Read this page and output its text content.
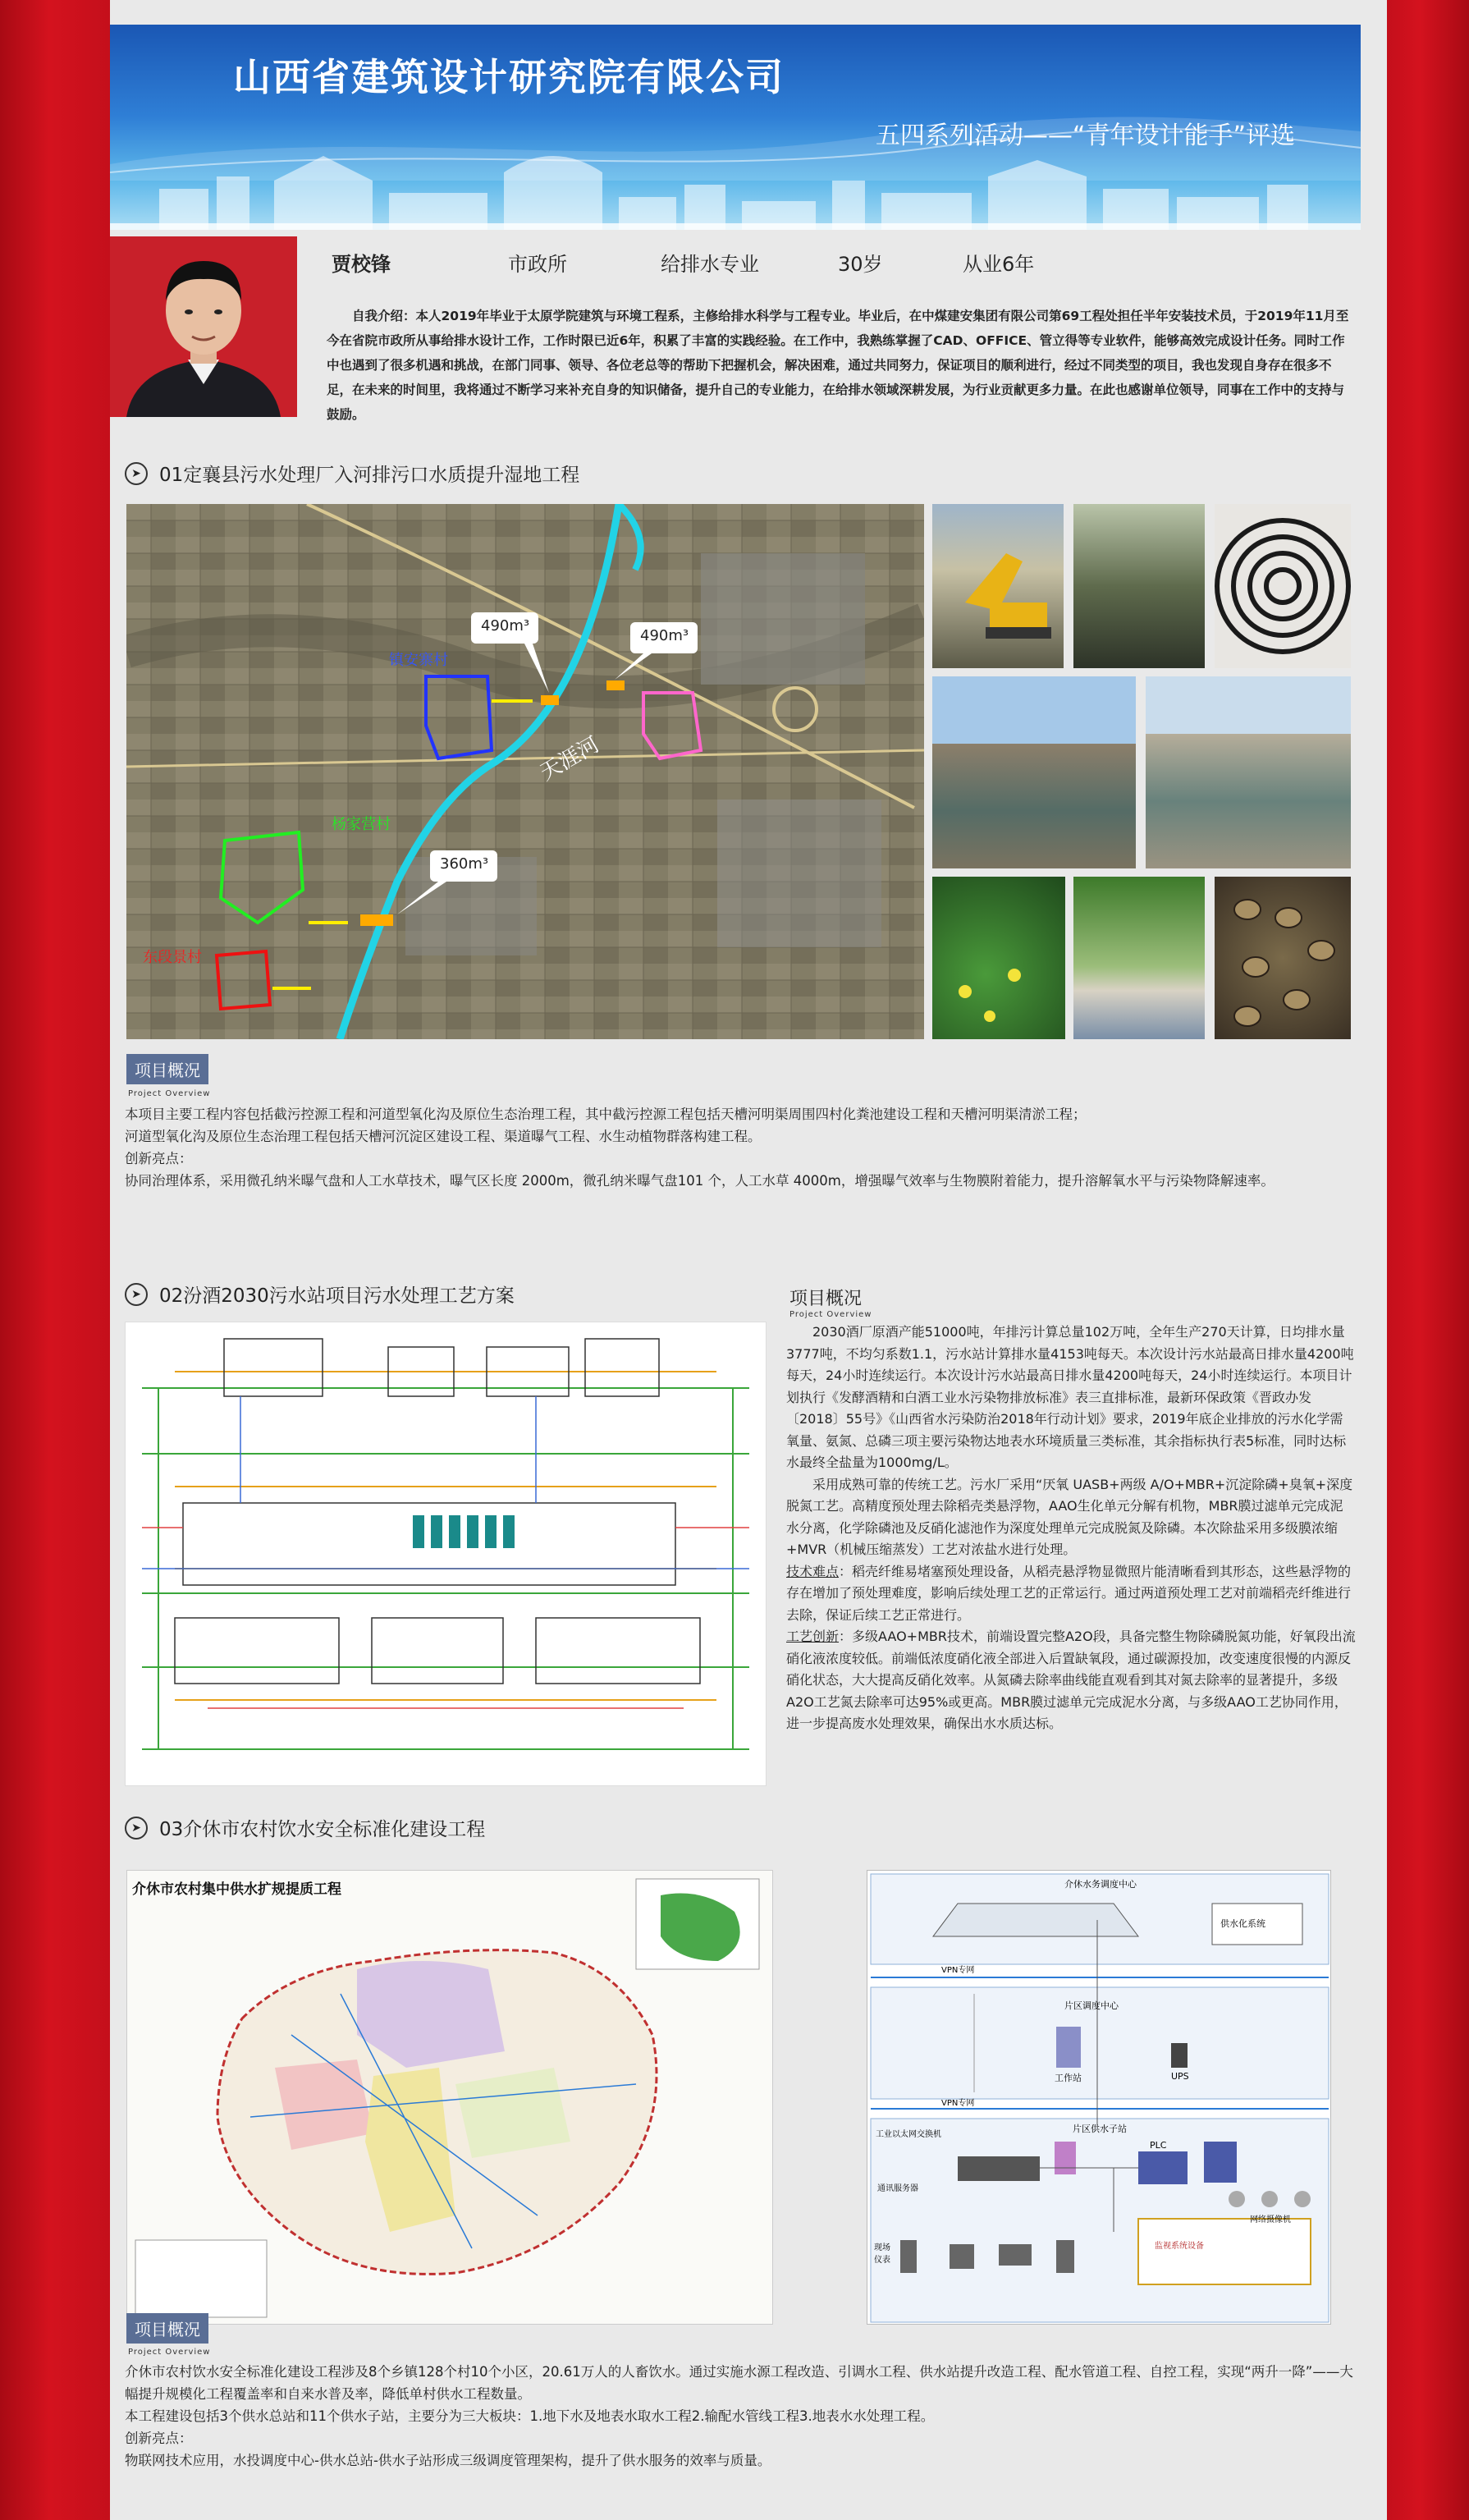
山西省建筑设计研究院有限公司
五四系列活动——“青年设计能手”评选
贾校锋	市政所	给排水专业	30岁	从业6年
自我介绍：本人2019年毕业于太原学院建筑与环境工程系，主修给排水科学与工程专业。毕业后，在中煤建安集团有限公司第69工程处担任半年安装技术员，于2019年11月至今在省院市政所从事给排水设计工作，工作时限已近6年，积累了丰富的实践经验。在工作中，我熟练掌握了CAD、OFFICE、管立得等专业软件，能够高效完成设计任务。同时工作中也遇到了很多机遇和挑战，在部门同事、领导、各位老总等的帮助下把握机会，解决困难，通过共同努力，保证项目的顺利进行，经过不同类型的项目，我也发现自身存在很多不足，在未来的时间里，我将通过不断学习来补充自身的知识储备，提升自己的专业能力，在给排水领域深耕发展，为行业贡献更多力量。在此也感谢单位领导，同事在工作中的支持与鼓励。
➤ 01定襄县污水处理厂入河排污口水质提升湿地工程
490m³
490m³
360m³
天涯河
镇安寨村
杨家营村
东段景村
项目概况
Project Overview
本项目主要工程内容包括截污控源工程和河道型氧化沟及原位生态治理工程，其中截污控源工程包括天槽河明渠周围四村化粪池建设工程和天槽河明渠清淤工程；
河道型氧化沟及原位生态治理工程包括天槽河沉淀区建设工程、渠道曝气工程、水生动植物群落构建工程。
创新亮点：
协同治理体系，采用微孔纳米曝气盘和人工水草技术，曝气区长度 2000m，微孔纳米曝气盘101 个，人工水草 4000m，增强曝气效率与生物膜附着能力，提升溶解氧水平与污染物降解速率。
➤ 02汾酒2030污水站项目污水处理工艺方案	项目概况
Project Overview
2030酒厂原酒产能51000吨，年排污计算总量102万吨，全年生产270天计算，日均排水量3777吨，不均匀系数1.1，污水站计算排水量4153吨每天。本次设计污水站最高日排水量4200吨每天，24小时连续运行。本次设计污水站最高日排水量4200吨每天，24小时连续运行。本项目计划执行《发酵酒精和白酒工业水污染物排放标准》表三直排标准，最新环保政策《晋政办发〔2018〕55号》《山西省水污染防治2018年行动计划》要求，2019年底企业排放的污水化学需氧量、氨氮、总磷三项主要污染物达地表水环境质量三类标准，其余指标执行表5标准，同时达标水最终全盐量为1000mg/L。
采用成熟可靠的传统工艺。污水厂采用“厌氧 UASB+两级 A/O+MBR+沉淀除磷+臭氧+深度脱氮工艺。高精度预处理去除稻壳类悬浮物，AAO生化单元分解有机物，MBR膜过滤单元完成泥水分离，化学除磷池及反硝化滤池作为深度处理单元完成脱氮及除磷。本次除盐采用多级膜浓缩+MVR（机械压缩蒸发）工艺对浓盐水进行处理。
技术难点：稻壳纤维易堵塞预处理设备，从稻壳悬浮物显微照片能清晰看到其形态，这些悬浮物的存在增加了预处理难度，影响后续处理工艺的正常运行。通过两道预处理工艺对前端稻壳纤维进行去除，保证后续工艺正常进行。
工艺创新：多级AAO+MBR技术，前端设置完整A2O段，具备完整生物除磷脱氮功能，好氧段出流硝化液浓度较低。前端低浓度硝化液全部进入后置缺氧段，通过碳源投加，改变速度很慢的内源反硝化状态，大大提高反硝化效率。从氮磷去除率曲线能直观看到其对氮去除率的显著提升，多级A2O工艺氮去除率可达95%或更高。MBR膜过滤单元完成泥水分离，与多级AAO工艺协同作用，进一步提高废水处理效果，确保出水水质达标。
➤ 03介休市农村饮水安全标准化建设工程
介休市农村集中供水扩规提质工程	介休水务调度中心
供水化系统
VPN专网
片区调度中心
工作站	UPS
VPN专网
片区供水子站
工业以太网交换机
通讯服务器
PLC
网络摄像机
现场仪表
监视系统设备
项目概况
Project Overview
介休市农村饮水安全标准化建设工程涉及8个乡镇128个村10个小区，20.61万人的人畜饮水。通过实施水源工程改造、引调水工程、供水站提升改造工程、配水管道工程、自控工程，实现“两升一降”——大幅提升规模化工程覆盖率和自来水普及率，降低单村供水工程数量。
本工程建设包括3个供水总站和11个供水子站，主要分为三大板块：1.地下水及地表水取水工程2.输配水管线工程3.地表水水处理工程。
创新亮点：
物联网技术应用，水投调度中心-供水总站-供水子站形成三级调度管理架构，提升了供水服务的效率与质量。
